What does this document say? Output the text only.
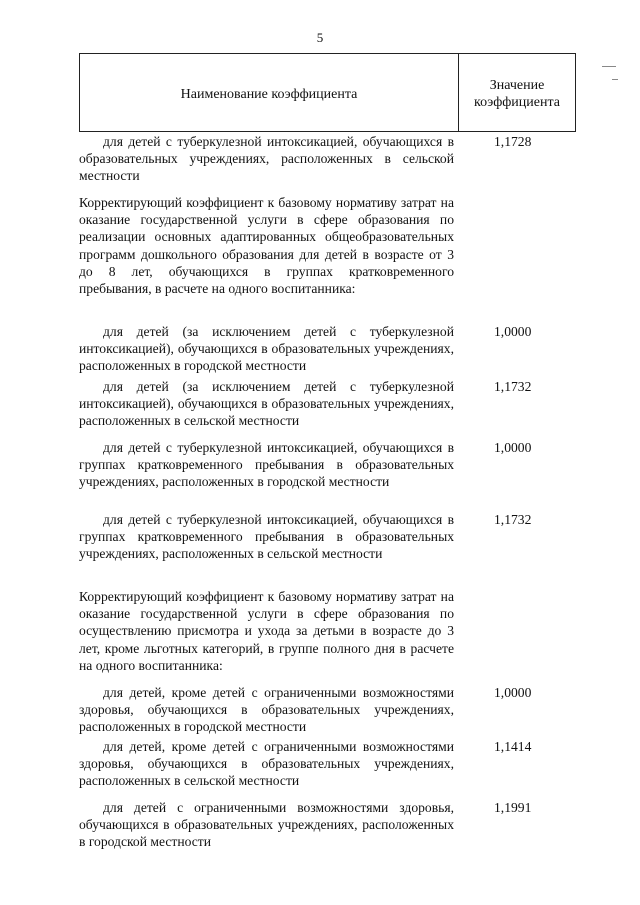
5
Наименование коэффициента
Значение коэффициента
для детей с туберкулезной интоксикацией, обучающихся в образовательных учреждениях, расположенных в сельской местности
1,1728
Корректирующий коэффициент к базовому нормативу затрат на оказание государственной услуги в сфере образования по реализации основных адаптированных общеобразовательных программ дошкольного образования для детей в возрасте от 3 до 8 лет, обучающихся в группах кратковременного пребывания, в расчете на одного воспитанника:
для детей (за исключением детей с туберкулезной интоксикацией), обучающихся в образовательных учреждениях, расположенных в городской местности
1,0000
для детей (за исключением детей с туберкулезной интоксикацией), обучающихся в образовательных учреждениях, расположенных в сельской местности
1,1732
для детей с туберкулезной интоксикацией, обучающихся в группах кратковременного пребывания в образовательных учреждениях, расположенных в городской местности
1,0000
для детей с туберкулезной интоксикацией, обучающихся в группах кратковременного пребывания в образовательных учреждениях, расположенных в сельской местности
1,1732
Корректирующий коэффициент к базовому нормативу затрат на оказание государственной услуги в сфере образования по осуществлению присмотра и ухода за детьми в возрасте до 3 лет, кроме льготных категорий, в группе полного дня в расчете на одного воспитанника:
для детей, кроме детей с ограниченными возможностями здоровья, обучающихся в образовательных учреждениях, расположенных в городской местности
1,0000
для детей, кроме детей с ограниченными возможностями здоровья, обучающихся в образовательных учреждениях, расположенных в сельской местности
1,1414
для детей с ограниченными возможностями здоровья, обучающихся в образовательных учреждениях, расположенных в городской местности
1,1991
